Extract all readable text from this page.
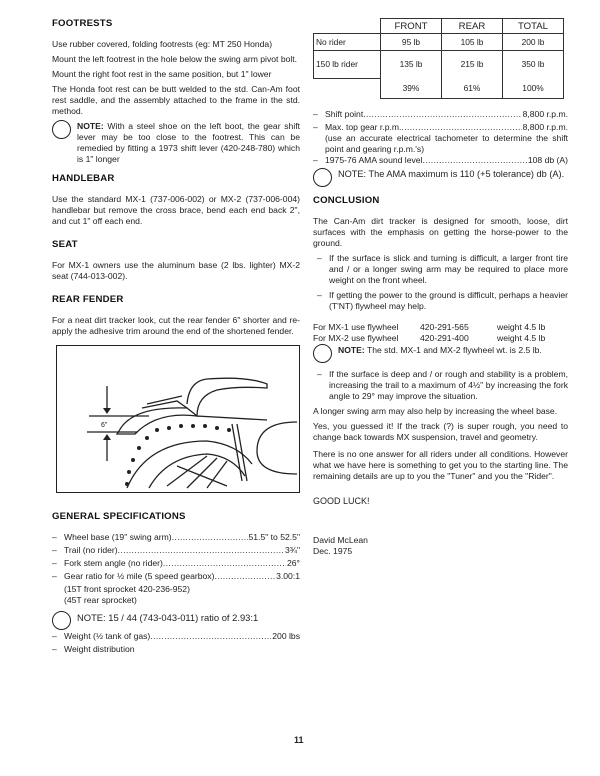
FOOTRESTS

Use rubber covered, folding footrests (eg: MT 250 Honda)

Mount the left footrest in the hole below the swing arm pivot bolt.

Mount the right foot rest in the same position, but 1" lower

The Honda foot rest can be butt welded to the std. Can-Am foot rest saddle, and the assembly attached to the frame in the std. method.

NOTE: With a steel shoe on the left boot, the gear shift lever may be too close to the footrest. This can be remedied by fitting a 1973 shift lever (420-248-780) which is 1" longer
HANDLEBAR

Use the standard MX-1 (737-006-002) or MX-2 (737-006-004) handlebar but remove the cross brace, bend each end back 2", and cut 1" off each end.

SEAT

For MX-1 owners use the aluminum base (2 lbs. lighter) MX-2 seat (744-013-002).

REAR FENDER

For a neat dirt tracker look, cut the rear fender 6" shorter and re-apply the adhesive trim around the end of the shortened fender.

6"
GENERAL SPECIFICATIONS
– Wheel base (19" swing arm) . . .	51.5" to 52.5"
– Trail (no rider) . . .	3¾"
– Fork stem angle (no rider) . . .	26°
– Gear ratio for ½ mile (5 speed gearbox) . . .	3.00:1
(15T front sprocket 420-236-952)
(45T rear sprocket)
NOTE: 15 / 44 (743-043-011) ratio of 2.93:1
– Weight (½ tank of gas) . . .	200 lbs
– Weight distribution
	FRONT	REAR	TOTAL
No rider	95 lb	105 lb	200 lb
150 lb rider	135 lb	215 lb	350 lb
	39%	61%	100%
– Shift point . . .	8,800 r.p.m.
– Max. top gear r.p.m. . . .	8,800 r.p.m.

(use an accurate electrical tachometer to determine the shift point and gearing r.p.m.'s)

– 1975-76 AMA sound level . . .	108 db (A)
NOTE: The AMA maximum is 110 (+5 tolerance) db (A).
CONCLUSION

The Can-Am dirt tracker is designed for smooth, loose, dirt surfaces with the emphasis on getting the horse-power to the ground.

– If the surface is slick and turning is difficult, a larger front tire and / or a longer swing arm may be required to place more weight on the front wheel.

– If getting the power to the ground is difficult, perhaps a heavier (T'NT) flywheel may help.

For MX-1 use flywheel	420-291-565	weight 4.5 lb
For MX-2 use flywheel	420-291-400	weight 4.5 lb
NOTE: The std. MX-1 and MX-2 flywheel wt. is 2.5 lb.
– If the surface is deep and / or rough and stability is a problem, increasing the trail to a maximum of 4½" by increasing the fork angle to 29° may improve the situation.

A longer swing arm may also help by increasing the wheel base.

Yes, you guessed it! If the track (?) is super rough, you need to change back towards MX suspension, travel and geometry.

There is no one answer for all riders under all conditions. However what we have here is something to get you to the starting line. The remaining details are up to you the "Tuner" and you the "Rider".

GOOD LUCK!

David McLean
Dec. 1975
11
